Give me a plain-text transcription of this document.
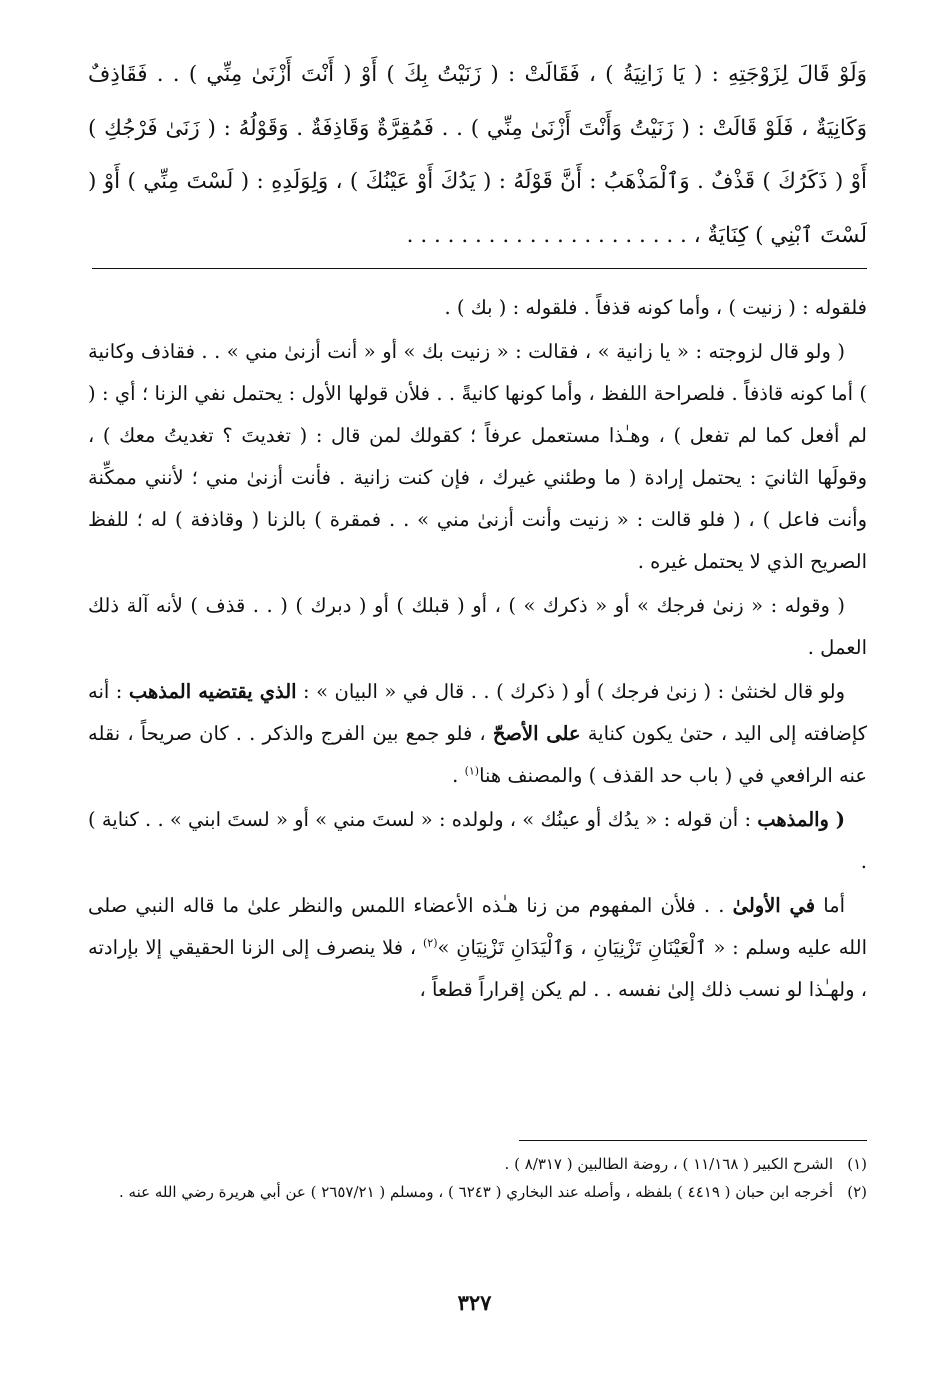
وَلَوْ قَالَ لِزَوْجَتِهِ : ( يَا زَانِيَةُ ) ، فَقَالَتْ : ( زَنَيْتُ بِكَ ) أَوْ ( أَنْتَ أَزْنَىٰ مِنِّي ) . . فَقَاذِفٌ وَكَانِيَةٌ ، فَلَوْ قَالَتْ : ( زَنَيْتُ وَأَنْتَ أَزْنَىٰ مِنِّي ) . . فَمُقِرَّةٌ وَقَاذِفَةٌ . وَقَوْلُهُ : ( زَنَىٰ فَرْجُكِ ) أَوْ ( ذَكَرُكَ ) قَذْفٌ . وَٱلْمَذْهَبُ : أَنَّ قَوْلَهُ : ( يَدُكَ أَوْ عَيْنُكَ ) ، وَلِوَلَدِهِ : ( لَسْتَ مِنِّي ) أَوْ ( لَسْتَ ٱبْنِي ) كِنَايَةٌ ، . . . . . . . . . . . . . . . . . . . . .

فلقوله : ( زنيت ) ، وأما كونه قذفاً . فلقوله : ( بك ) .

( ولو قال لزوجته : « يا زانية » ، فقالت : « زنيت بك » أو « أنت أزنىٰ مني » . . فقاذف وكانية ) أما كونه قاذفاً . فلصراحة اللفظ ، وأما كونها كانيةً . . فلأن قولها الأول : يحتمل نفي الزنا ؛ أي : ( لم أفعل كما لم تفعل ) ، وهـٰذا مستعمل عرفاً ؛ كقولك لمن قال : ( تغديتَ ؟ تغديتُ معك ) ، وقولَها الثانيَ : يحتمل إرادة ( ما وطئني غيرك ، فإن كنت زانية . فأنت أزنىٰ مني ؛ لأنني ممكِّنة وأنت فاعل ) ، ( فلو قالت : « زنيت وأنت أزنىٰ مني » . . فمقرة ) بالزنا ( وقاذفة ) له ؛ للفظ الصريح الذي لا يحتمل غيره .

( وقوله : « زنىٰ فرجك » أو « ذكرك » ) ، أو ( قبلك ) أو ( دبرك ) ( . . قذف ) لأنه آلة ذلك العمل .

ولو قال لخنثىٰ : ( زنىٰ فرجك ) أو ( ذكرك ) . . قال في « البيان » : الذي يقتضيه المذهب : أنه كإضافته إلى اليد ، حتىٰ يكون كناية على الأصحّ ، فلو جمع بين الفرج والذكر . . كان صريحاً ، نقله عنه الرافعي في ( باب حد القذف ) والمصنف هنا$^{(١)}$ .

( والمذهب : أن قوله : « يدُك أو عينُك » ، ولولده : « لستَ مني » أو « لستَ ابني » . . كناية ) .

أما في الأولىٰ . . فلأن المفهوم من زنا هـٰذه الأعضاء اللمس والنظر علىٰ ما قاله النبي صلى الله عليه وسلم : « ٱلْعَيْنَانِ تَزْنِيَانِ ، وَٱلْيَدَانِ تَزْنِيَانِ »$^{(٢)}$ ، فلا ينصرف إلى الزنا الحقيقي إلا بإرادته ، ولهـٰذا لو نسب ذلك إلىٰ نفسه . . لم يكن إقراراً قطعاً ،

(١)
الشرح الكبير ( ١١/١٦٨ ) ، روضة الطالبين ( ٨/٣١٧ ) .
(٢)
أخرجه ابن حبان ( ٤٤١٩ ) بلفظه ، وأصله عند البخاري ( ٦٢٤٣ ) ، ومسلم ( ٢٦٥٧/٢١ ) عن أبي هريرة رضي الله عنه .
٣٢٧
